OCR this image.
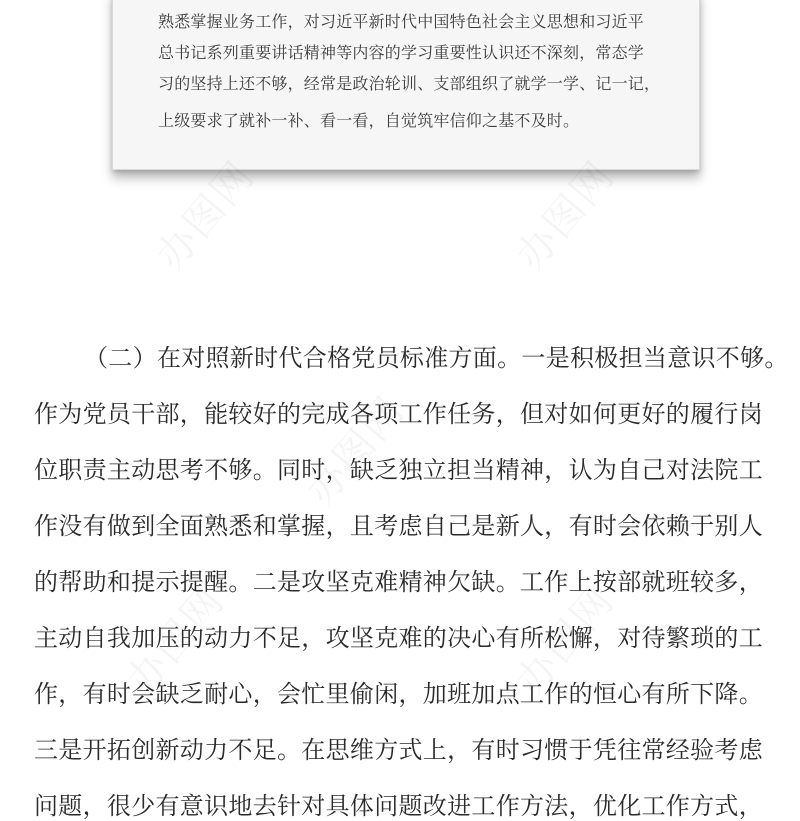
熟悉掌握业务工作，对习近平新时代中国特色社会主义思想和习近平
总书记系列重要讲话精神等内容的学习重要性认识还不深刻，常态学
习的坚持上还不够，经常是政治轮训、支部组织了就学一学、记一记，
上级要求了就补一补、看一看，自觉筑牢信仰之基不及时。
（二）在对照新时代合格党员标准方面。一是积极担当意识不够。
作为党员干部，能较好的完成各项工作任务，但对如何更好的履行岗
位职责主动思考不够。同时，缺乏独立担当精神，认为自己对法院工
作没有做到全面熟悉和掌握，且考虑自己是新人，有时会依赖于别人
的帮助和提示提醒。二是攻坚克难精神欠缺。工作上按部就班较多，
主动自我加压的动力不足，攻坚克难的决心有所松懈，对待繁琐的工
作，有时会缺乏耐心，会忙里偷闲，加班加点工作的恒心有所下降。
三是开拓创新动力不足。在思维方式上，有时习惯于凭往常经验考虑
问题，很少有意识地去针对具体问题改进工作方法，优化工作方式，
